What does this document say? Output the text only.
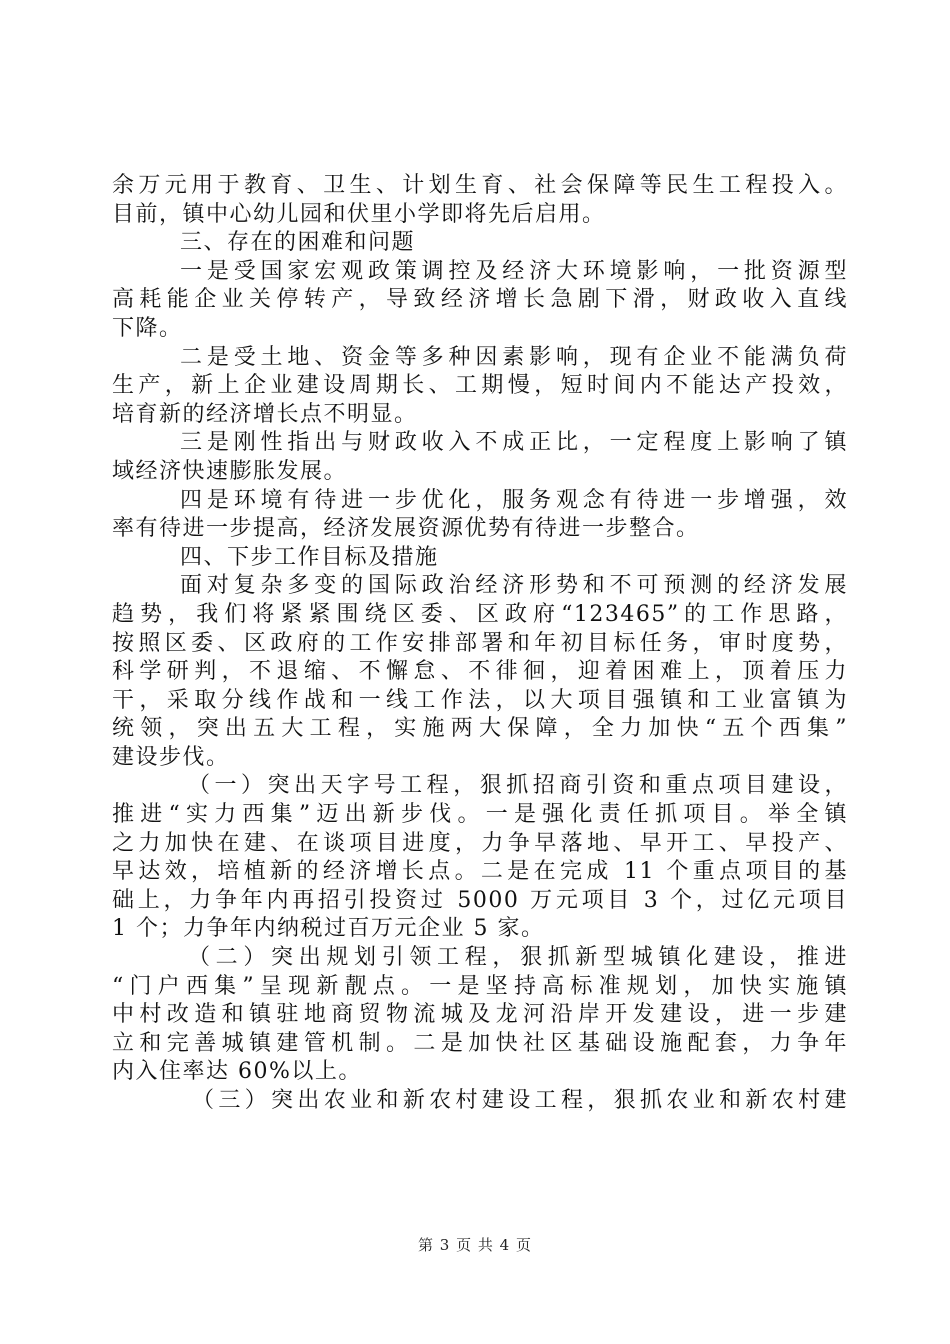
余万元用于教育、卫生、计划生育、社会保障等民生工程投入。
目前，镇中心幼儿园和伏里小学即将先后启用。
三、存在的困难和问题
一是受国家宏观政策调控及经济大环境影响，一批资源型
高耗能企业关停转产，导致经济增长急剧下滑，财政收入直线
下降。
二是受土地、资金等多种因素影响，现有企业不能满负荷
生产，新上企业建设周期长、工期慢，短时间内不能达产投效，
培育新的经济增长点不明显。
三是刚性指出与财政收入不成正比，一定程度上影响了镇
域经济快速膨胀发展。
四是环境有待进一步优化，服务观念有待进一步增强，效
率有待进一步提高，经济发展资源优势有待进一步整合。
四、下步工作目标及措施
面对复杂多变的国际政治经济形势和不可预测的经济发展
趋势，我们将紧紧围绕区委、区政府“123465”的工作思路，
按照区委、区政府的工作安排部署和年初目标任务，审时度势，
科学研判，不退缩、不懈怠、不徘徊，迎着困难上，顶着压力
干，采取分线作战和一线工作法，以大项目强镇和工业富镇为
统领，突出五大工程，实施两大保障，全力加快“五个西集”
建设步伐。
（一）突出天字号工程，狠抓招商引资和重点项目建设，
推进“实力西集”迈出新步伐。一是强化责任抓项目。举全镇
之力加快在建、在谈项目进度，力争早落地、早开工、早投产、
早达效，培植新的经济增长点。二是在完成 11 个重点项目的基
础上，力争年内再招引投资过 5000 万元项目 3 个，过亿元项目
1 个；力争年内纳税过百万元企业 5 家。
（二）突出规划引领工程，狠抓新型城镇化建设，推进
“门户西集”呈现新靓点。一是坚持高标准规划，加快实施镇
中村改造和镇驻地商贸物流城及龙河沿岸开发建设，进一步建
立和完善城镇建管机制。二是加快社区基础设施配套，力争年
内入住率达 60%以上。
（三）突出农业和新农村建设工程，狠抓农业和新农村建
第 3 页 共 4 页
